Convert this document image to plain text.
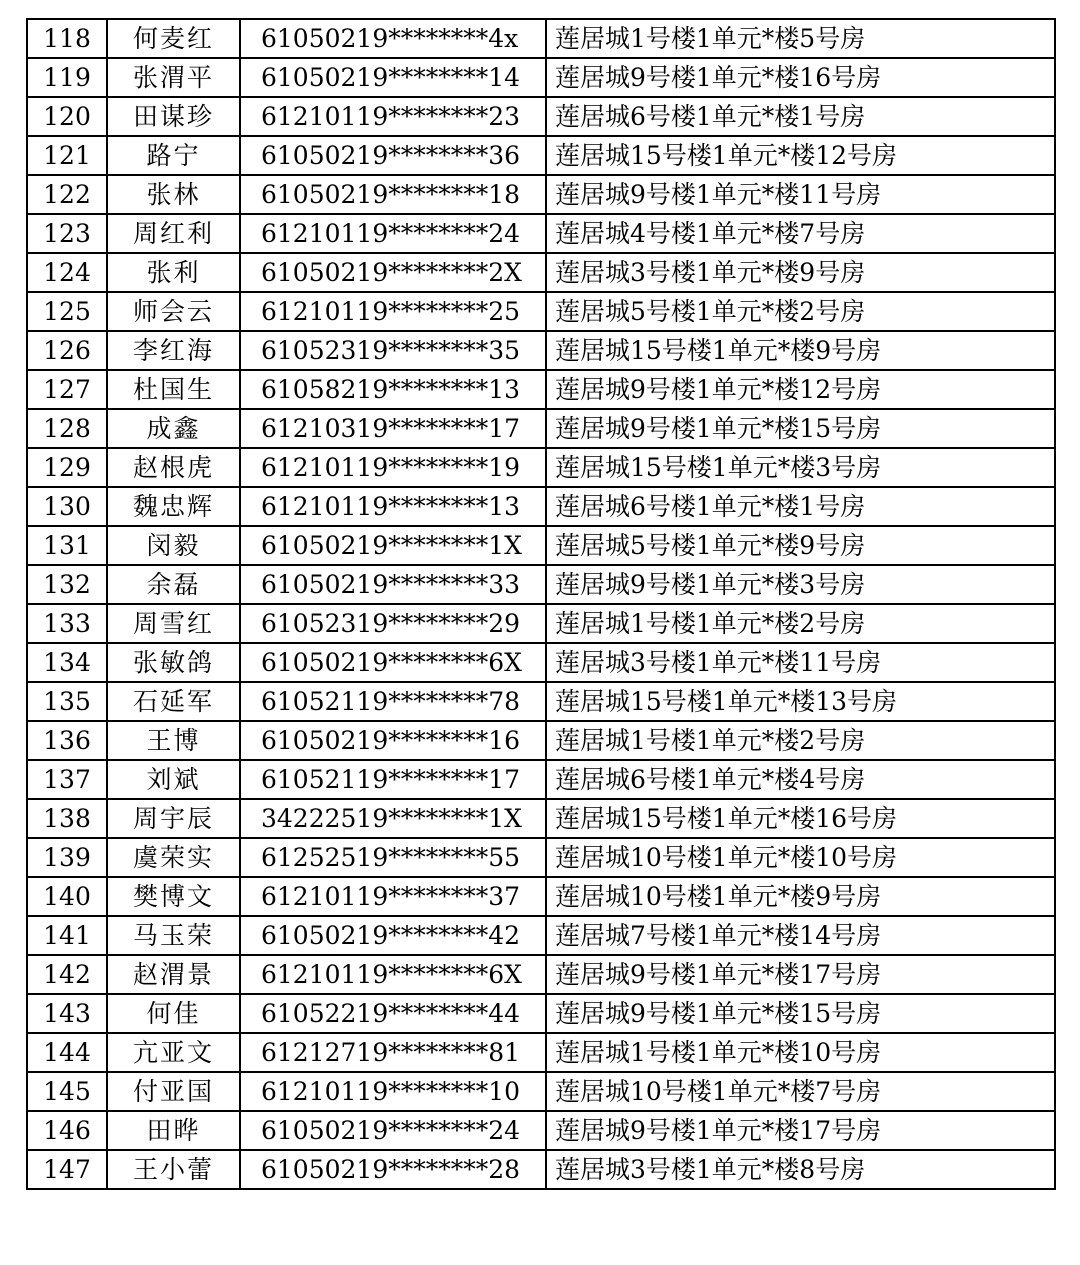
118	何麦红	61050219********4x	莲居城1号楼1单元*楼5号房
119	张渭平	61050219********14	莲居城9号楼1单元*楼16号房
120	田谋珍	61210119********23	莲居城6号楼1单元*楼1号房
121	路宁	61050219********36	莲居城15号楼1单元*楼12号房
122	张林	61050219********18	莲居城9号楼1单元*楼11号房
123	周红利	61210119********24	莲居城4号楼1单元*楼7号房
124	张利	61050219********2X	莲居城3号楼1单元*楼9号房
125	师会云	61210119********25	莲居城5号楼1单元*楼2号房
126	李红海	61052319********35	莲居城15号楼1单元*楼9号房
127	杜国生	61058219********13	莲居城9号楼1单元*楼12号房
128	成鑫	61210319********17	莲居城9号楼1单元*楼15号房
129	赵根虎	61210119********19	莲居城15号楼1单元*楼3号房
130	魏忠辉	61210119********13	莲居城6号楼1单元*楼1号房
131	闵毅	61050219********1X	莲居城5号楼1单元*楼9号房
132	余磊	61050219********33	莲居城9号楼1单元*楼3号房
133	周雪红	61052319********29	莲居城1号楼1单元*楼2号房
134	张敏鸽	61050219********6X	莲居城3号楼1单元*楼11号房
135	石延军	61052119********78	莲居城15号楼1单元*楼13号房
136	王博	61050219********16	莲居城1号楼1单元*楼2号房
137	刘斌	61052119********17	莲居城6号楼1单元*楼4号房
138	周宇辰	34222519********1X	莲居城15号楼1单元*楼16号房
139	虞荣实	61252519********55	莲居城10号楼1单元*楼10号房
140	樊博文	61210119********37	莲居城10号楼1单元*楼9号房
141	马玉荣	61050219********42	莲居城7号楼1单元*楼14号房
142	赵渭景	61210119********6X	莲居城9号楼1单元*楼17号房
143	何佳	61052219********44	莲居城9号楼1单元*楼15号房
144	亢亚文	61212719********81	莲居城1号楼1单元*楼10号房
145	付亚国	61210119********10	莲居城10号楼1单元*楼7号房
146	田晔	61050219********24	莲居城9号楼1单元*楼17号房
147	王小蕾	61050219********28	莲居城3号楼1单元*楼8号房
